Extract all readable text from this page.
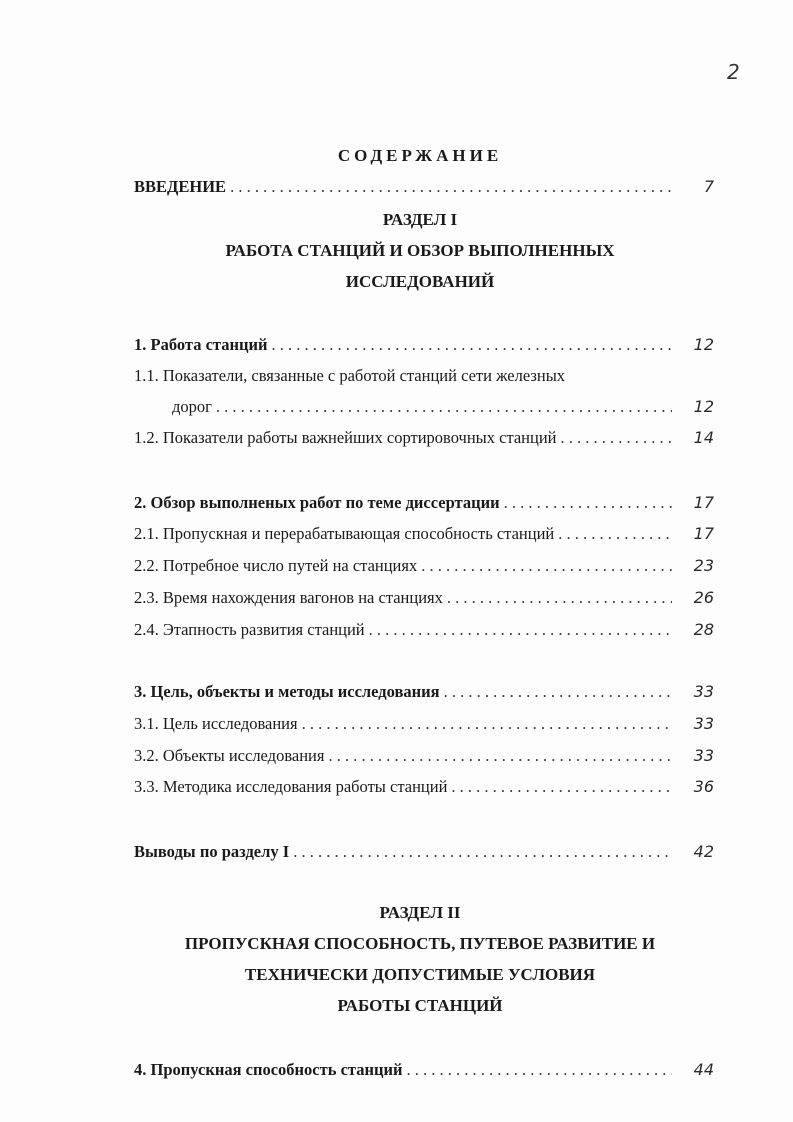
2
СОДЕРЖАНИЕ
ВВЕДЕНИЕ . . .	7
РАЗДЕЛ I
РАБОТА СТАНЦИЙ И ОБЗОР ВЫПОЛНЕННЫХ
ИССЛЕДОВАНИЙ
1. Работа станций . . .	12
1.1. Показатели, связанные с работой станций сети железных
дорог . . .	12
1.2. Показатели работы важнейших сортировочных станций . . .	14
2. Обзор выполненых работ по теме диссертации . . .	17
2.1. Пропускная и перерабатывающая способность станций . . .	17
2.2. Потребное число путей на станциях . . .	23
2.3. Время нахождения вагонов на станциях . . .	26
2.4. Этапность развития станций . . .	28
3. Цель, объекты и методы исследования . . .	33
3.1. Цель исследования . . .	33
3.2. Объекты исследования . . .	33
3.3. Методика исследования работы станций . . .	36
Выводы по разделу I . . .	42
РАЗДЕЛ II
ПРОПУСКНАЯ СПОСОБНОСТЬ, ПУТЕВОЕ РАЗВИТИЕ И
ТЕХНИЧЕСКИ ДОПУСТИМЫЕ УСЛОВИЯ
РАБОТЫ СТАНЦИЙ
4. Пропускная способность станций . . .	44
